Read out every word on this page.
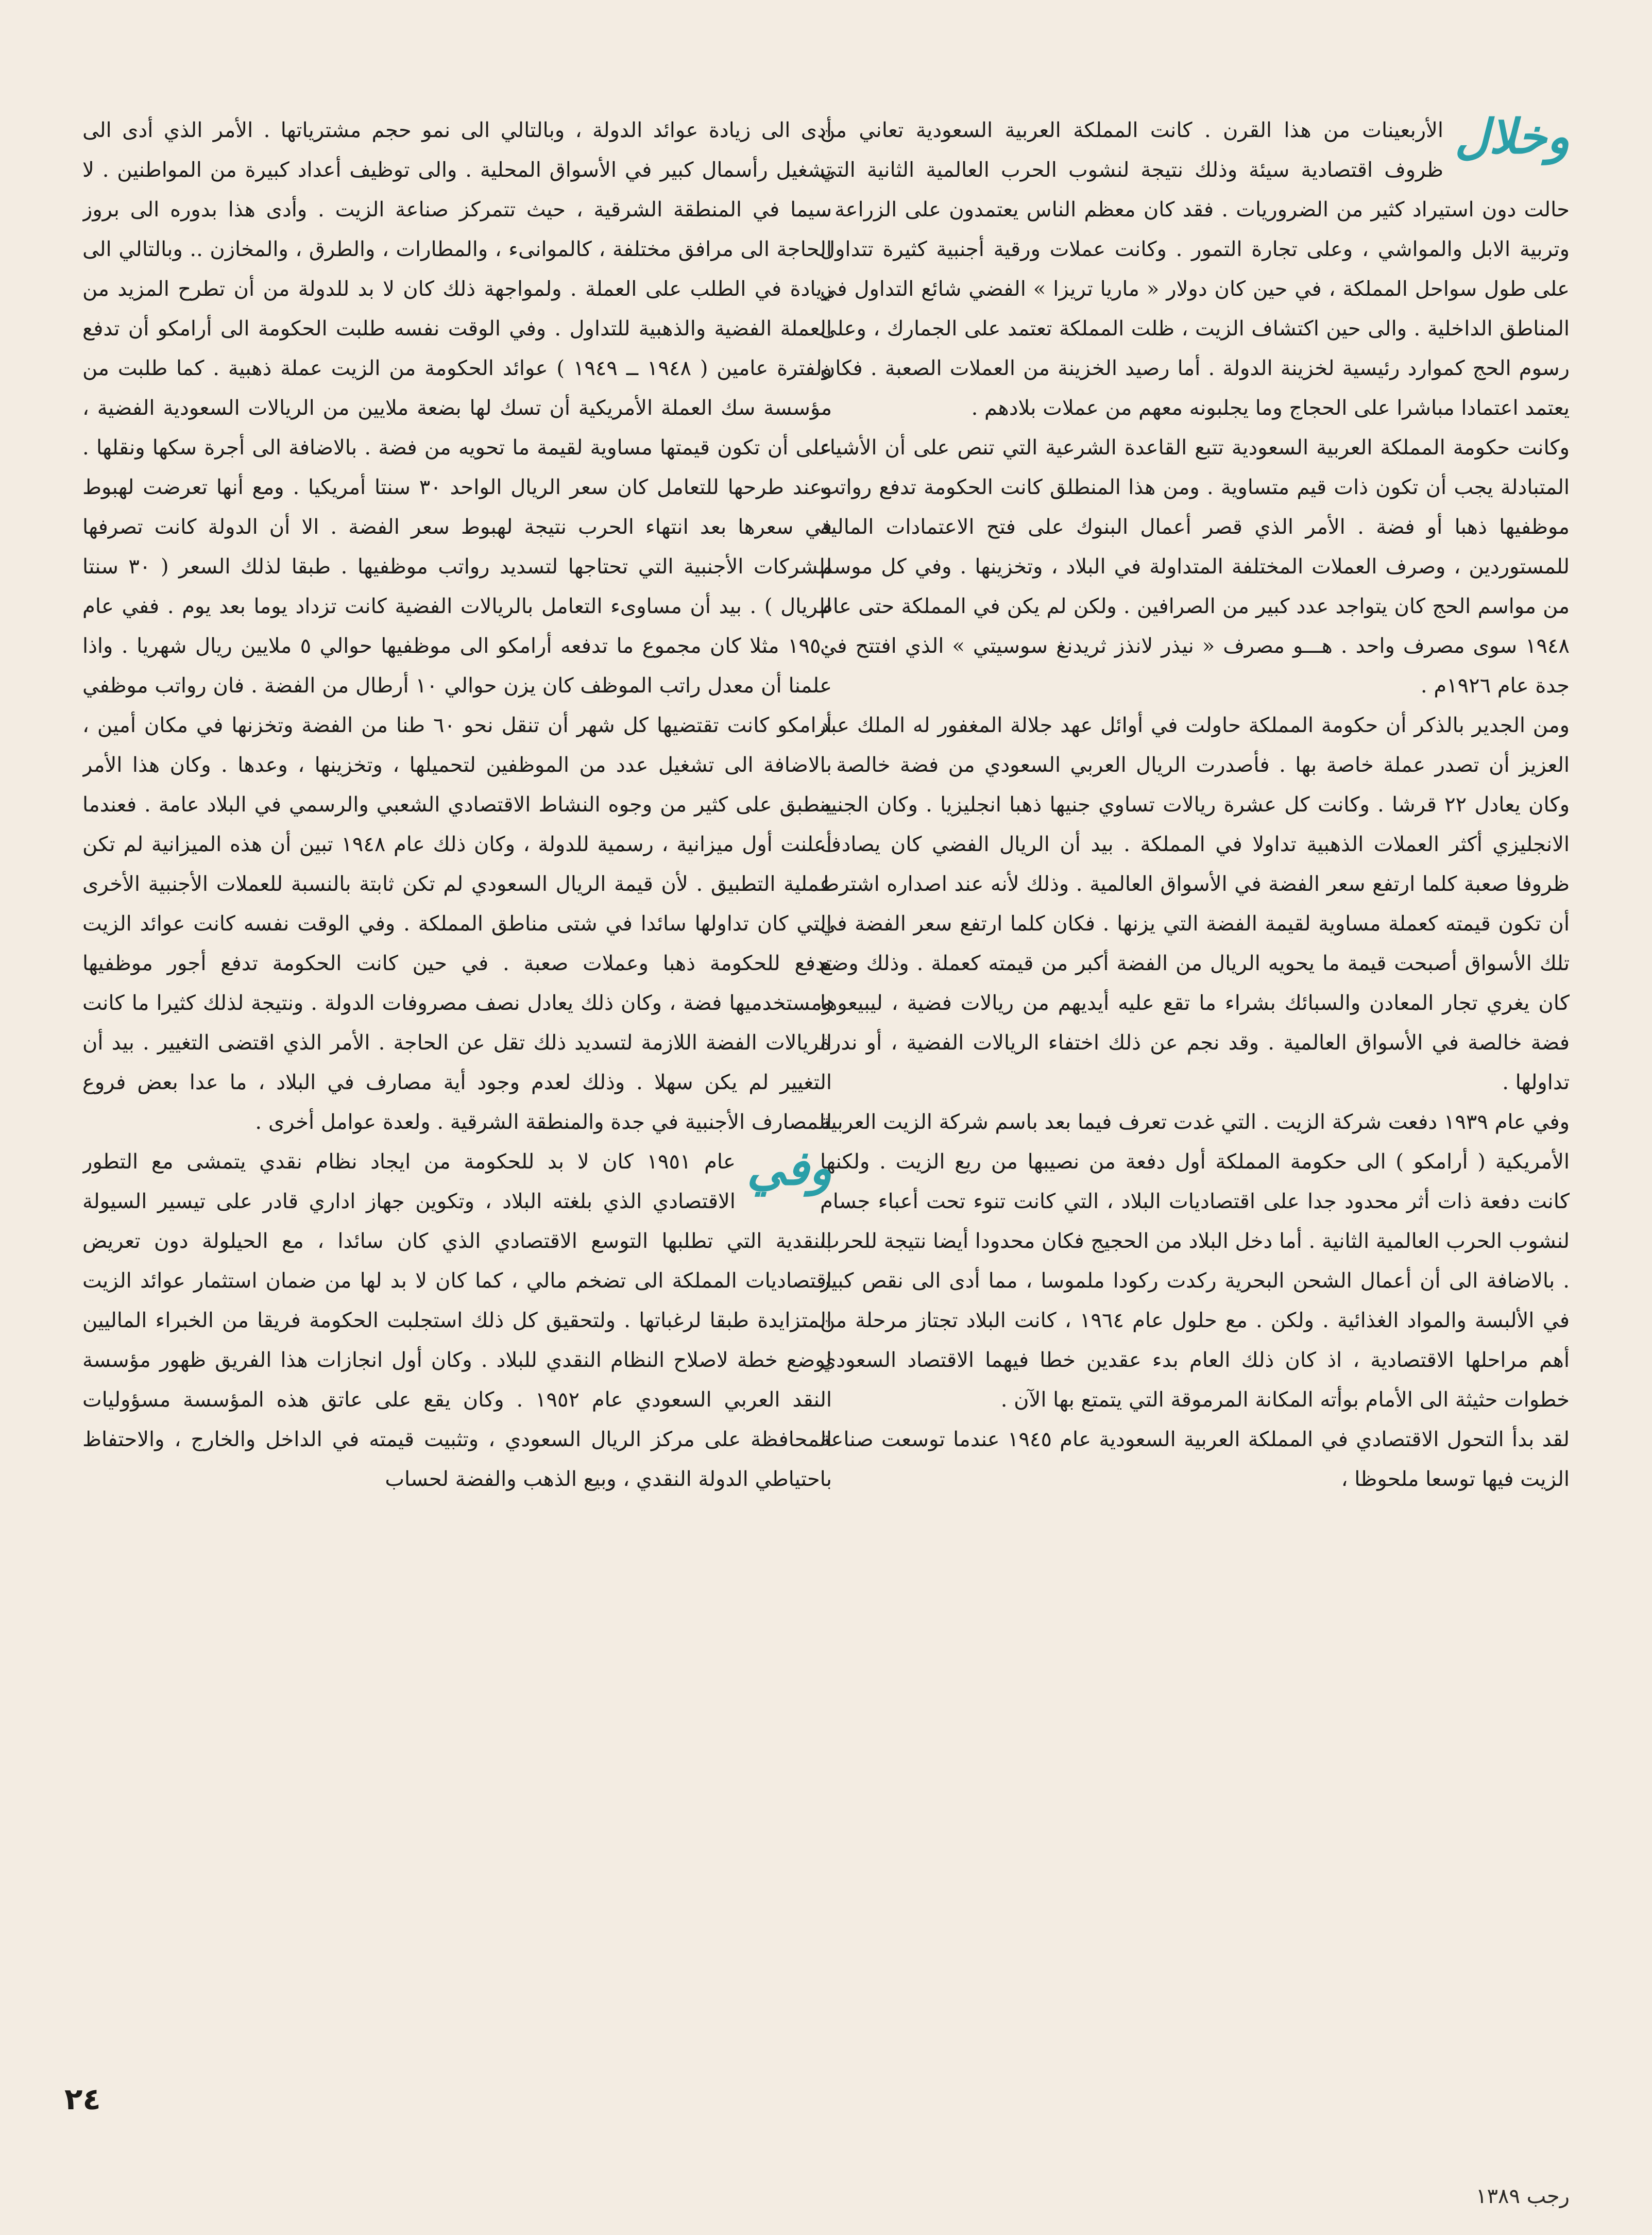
وخلال
الأربعينات من هذا القرن . كانت المملكة العربية السعودية تعاني من ظروف اقتصادية سيئة وذلك نتيجة لنشوب الحرب العالمية الثانية التي حالت دون استيراد كثير من الضروريات . فقد كان معظم الناس يعتمدون على الزراعة ، وتربية الابل والمواشي ، وعلى تجارة التمور . وكانت عملات ورقية أجنبية كثيرة تتداول على طول سواحل المملكة ، في حين كان دولار « ماريا تريزا » الفضي شائع التداول في المناطق الداخلية . والى حين اكتشاف الزيت ، ظلت المملكة تعتمد على الجمارك ، وعلى رسوم الحج كموارد رئيسية لخزينة الدولة . أما رصيد الخزينة من العملات الصعبة . فكان يعتمد اعتمادا مباشرا على الحجاج وما يجلبونه معهم من عملات بلادهم .

وكانت حكومة المملكة العربية السعودية تتبع القاعدة الشرعية التي تنص على أن الأشياء المتبادلة يجب أن تكون ذات قيم متساوية . ومن هذا المنطلق كانت الحكومة تدفع رواتب موظفيها ذهبا أو فضة . الأمر الذي قصر أعمال البنوك على فتح الاعتمادات المالية للمستوردين ، وصرف العملات المختلفة المتداولة في البلاد ، وتخزينها . وفي كل موسم من مواسم الحج كان يتواجد عدد كبير من الصرافين . ولكن لم يكن في المملكة حتى عام ١٩٤٨ سوى مصرف واحد . هـــو مصرف « نيذر لانذز ثريدنغ سوسيتي » الذي افتتح في جدة عام ١٩٢٦م .

ومن الجدير بالذكر أن حكومة المملكة حاولت في أوائل عهد جلالة المغفور له الملك عبد العزيز أن تصدر عملة خاصة بها . فأصدرت الريال العربي السعودي من فضة خالصة . وكان يعادل ٢٢ قرشا . وكانت كل عشرة ريالات تساوي جنيها ذهبا انجليزيا . وكان الجنيه الانجليزي أكثر العملات الذهبية تداولا في المملكة . بيد أن الريال الفضي كان يصادف ظروفا صعبة كلما ارتفع سعر الفضة في الأسواق العالمية . وذلك لأنه عند اصداره اشترط أن تكون قيمته كعملة مساوية لقيمة الفضة التي يزنها . فكان كلما ارتفع سعر الفضة في تلك الأسواق أصبحت قيمة ما يحويه الريال من الفضة أكبر من قيمته كعملة . وذلك وضع كان يغري تجار المعادن والسبائك بشراء ما تقع عليه أيديهم من ريالات فضية ، ليبيعوها فضة خالصة في الأسواق العالمية . وقد نجم عن ذلك اختفاء الريالات الفضية ، أو ندرة تداولها .

وفي عام ١٩٣٩ دفعت شركة الزيت . التي غدت تعرف فيما بعد باسم شركة الزيت العربية الأمريكية ( أرامكو ) الى حكومة المملكة أول دفعة من نصيبها من ريع الزيت . ولكنها كانت دفعة ذات أثر محدود جدا على اقتصاديات البلاد ، التي كانت تنوء تحت أعباء جسام لنشوب الحرب العالمية الثانية . أما دخل البلاد من الحجيج فكان محدودا أيضا نتيجة للحرب . بالاضافة الى أن أعمال الشحن البحرية ركدت ركودا ملموسا ، مما أدى الى نقص كبير في الألبسة والمواد الغذائية . ولكن . مع حلول عام ١٩٦٤ ، كانت البلاد تجتاز مرحلة من أهم مراحلها الاقتصادية ، اذ كان ذلك العام بدء عقدين خطا فيهما الاقتصاد السعودي خطوات حثيثة الى الأمام بوأته المكانة المرموقة التي يتمتع بها الآن .

لقد بدأ التحول الاقتصادي في المملكة العربية السعودية عام ١٩٤٥ عندما توسعت صناعة الزيت فيها توسعا ملحوظا ،

أدى الى زيادة عوائد الدولة ، وبالتالي الى نمو حجم مشترياتها . الأمر الذي أدى الى تشغيل رأسمال كبير في الأسواق المحلية . والى توظيف أعداد كبيرة من المواطنين . لا سيما في المنطقة الشرقية ، حيث تتمركز صناعة الزيت . وأدى هذا بدوره الى بروز الحاجة الى مرافق مختلفة ، كالموانىء ، والمطارات ، والطرق ، والمخازن .. وبالتالي الى زيادة في الطلب على العملة . ولمواجهة ذلك كان لا بد للدولة من أن تطرح المزيد من العملة الفضية والذهبية للتداول . وفي الوقت نفسه طلبت الحكومة الى أرامكو أن تدفع ولفترة عامين ( ١٩٤٨ ــ ١٩٤٩ ) عوائد الحكومة من الزيت عملة ذهبية . كما طلبت من مؤسسة سك العملة الأمريكية أن تسك لها بضعة ملايين من الريالات السعودية الفضية ، على أن تكون قيمتها مساوية لقيمة ما تحويه من فضة . بالاضافة الى أجرة سكها ونقلها . وعند طرحها للتعامل كان سعر الريال الواحد ٣٠ سنتا أمريكيا . ومع أنها تعرضت لهبوط في سعرها بعد انتهاء الحرب نتيجة لهبوط سعر الفضة . الا أن الدولة كانت تصرفها للشركات الأجنبية التي تحتاجها لتسديد رواتب موظفيها . طبقا لذلك السعر ( ٣٠ سنتا للريال ) . بيد أن مساوىء التعامل بالريالات الفضية كانت تزداد يوما بعد يوم . ففي عام ١٩٥٠ مثلا كان مجموع ما تدفعه أرامكو الى موظفيها حوالي ٥ ملايين ريال شهريا . واذا علمنا أن معدل راتب الموظف كان يزن حوالي ١٠ أرطال من الفضة . فان رواتب موظفي أرامكو كانت تقتضيها كل شهر أن تنقل نحو ٦٠ طنا من الفضة وتخزنها في مكان أمين ، بالاضافة الى تشغيل عدد من الموظفين لتحميلها ، وتخزينها ، وعدها . وكان هذا الأمر ينطبق على كثير من وجوه النشاط الاقتصادي الشعبي والرسمي في البلاد عامة . فعندما أعلنت أول ميزانية ، رسمية للدولة ، وكان ذلك عام ١٩٤٨ تبين أن هذه الميزانية لم تكن عملية التطبيق . لأن قيمة الريال السعودي لم تكن ثابتة بالنسبة للعملات الأجنبية الأخرى التي كان تداولها سائدا في شتى مناطق المملكة . وفي الوقت نفسه كانت عوائد الزيت تدفع للحكومة ذهبا وعملات صعبة . في حين كانت الحكومة تدفع أجور موظفيها ومستخدميها فضة ، وكان ذلك يعادل نصف مصروفات الدولة . ونتيجة لذلك كثيرا ما كانت الريالات الفضة اللازمة لتسديد ذلك تقل عن الحاجة . الأمر الذي اقتضى التغيير . بيد أن التغيير لم يكن سهلا . وذلك لعدم وجود أية مصارف في البلاد ، ما عدا بعض فروع للمصارف الأجنبية في جدة والمنطقة الشرقية . ولعدة عوامل أخرى .

وفي
عام ١٩٥١ كان لا بد للحكومة من ايجاد نظام نقدي يتمشى مع التطور الاقتصادي الذي بلغته البلاد ، وتكوين جهاز اداري قادر على تيسير السيولة النقدية التي تطلبها التوسع الاقتصادي الذي كان سائدا ، مع الحيلولة دون تعريض اقتصاديات المملكة الى تضخم مالي ، كما كان لا بد لها من ضمان استثمار عوائد الزيت المتزايدة طبقا لرغباتها . ولتحقيق كل ذلك استجلبت الحكومة فريقا من الخبراء الماليين لوضع خطة لاصلاح النظام النقدي للبلاد . وكان أول انجازات هذا الفريق ظهور مؤسسة النقد العربي السعودي عام ١٩٥٢ . وكان يقع على عاتق هذه المؤسسة مسؤوليات المحافظة على مركز الريال السعودي ، وتثبيت قيمته في الداخل والخارج ، والاحتفاظ باحتياطي الدولة النقدي ، وبيع الذهب والفضة لحساب

٢٤
رجب ١٣٨٩
